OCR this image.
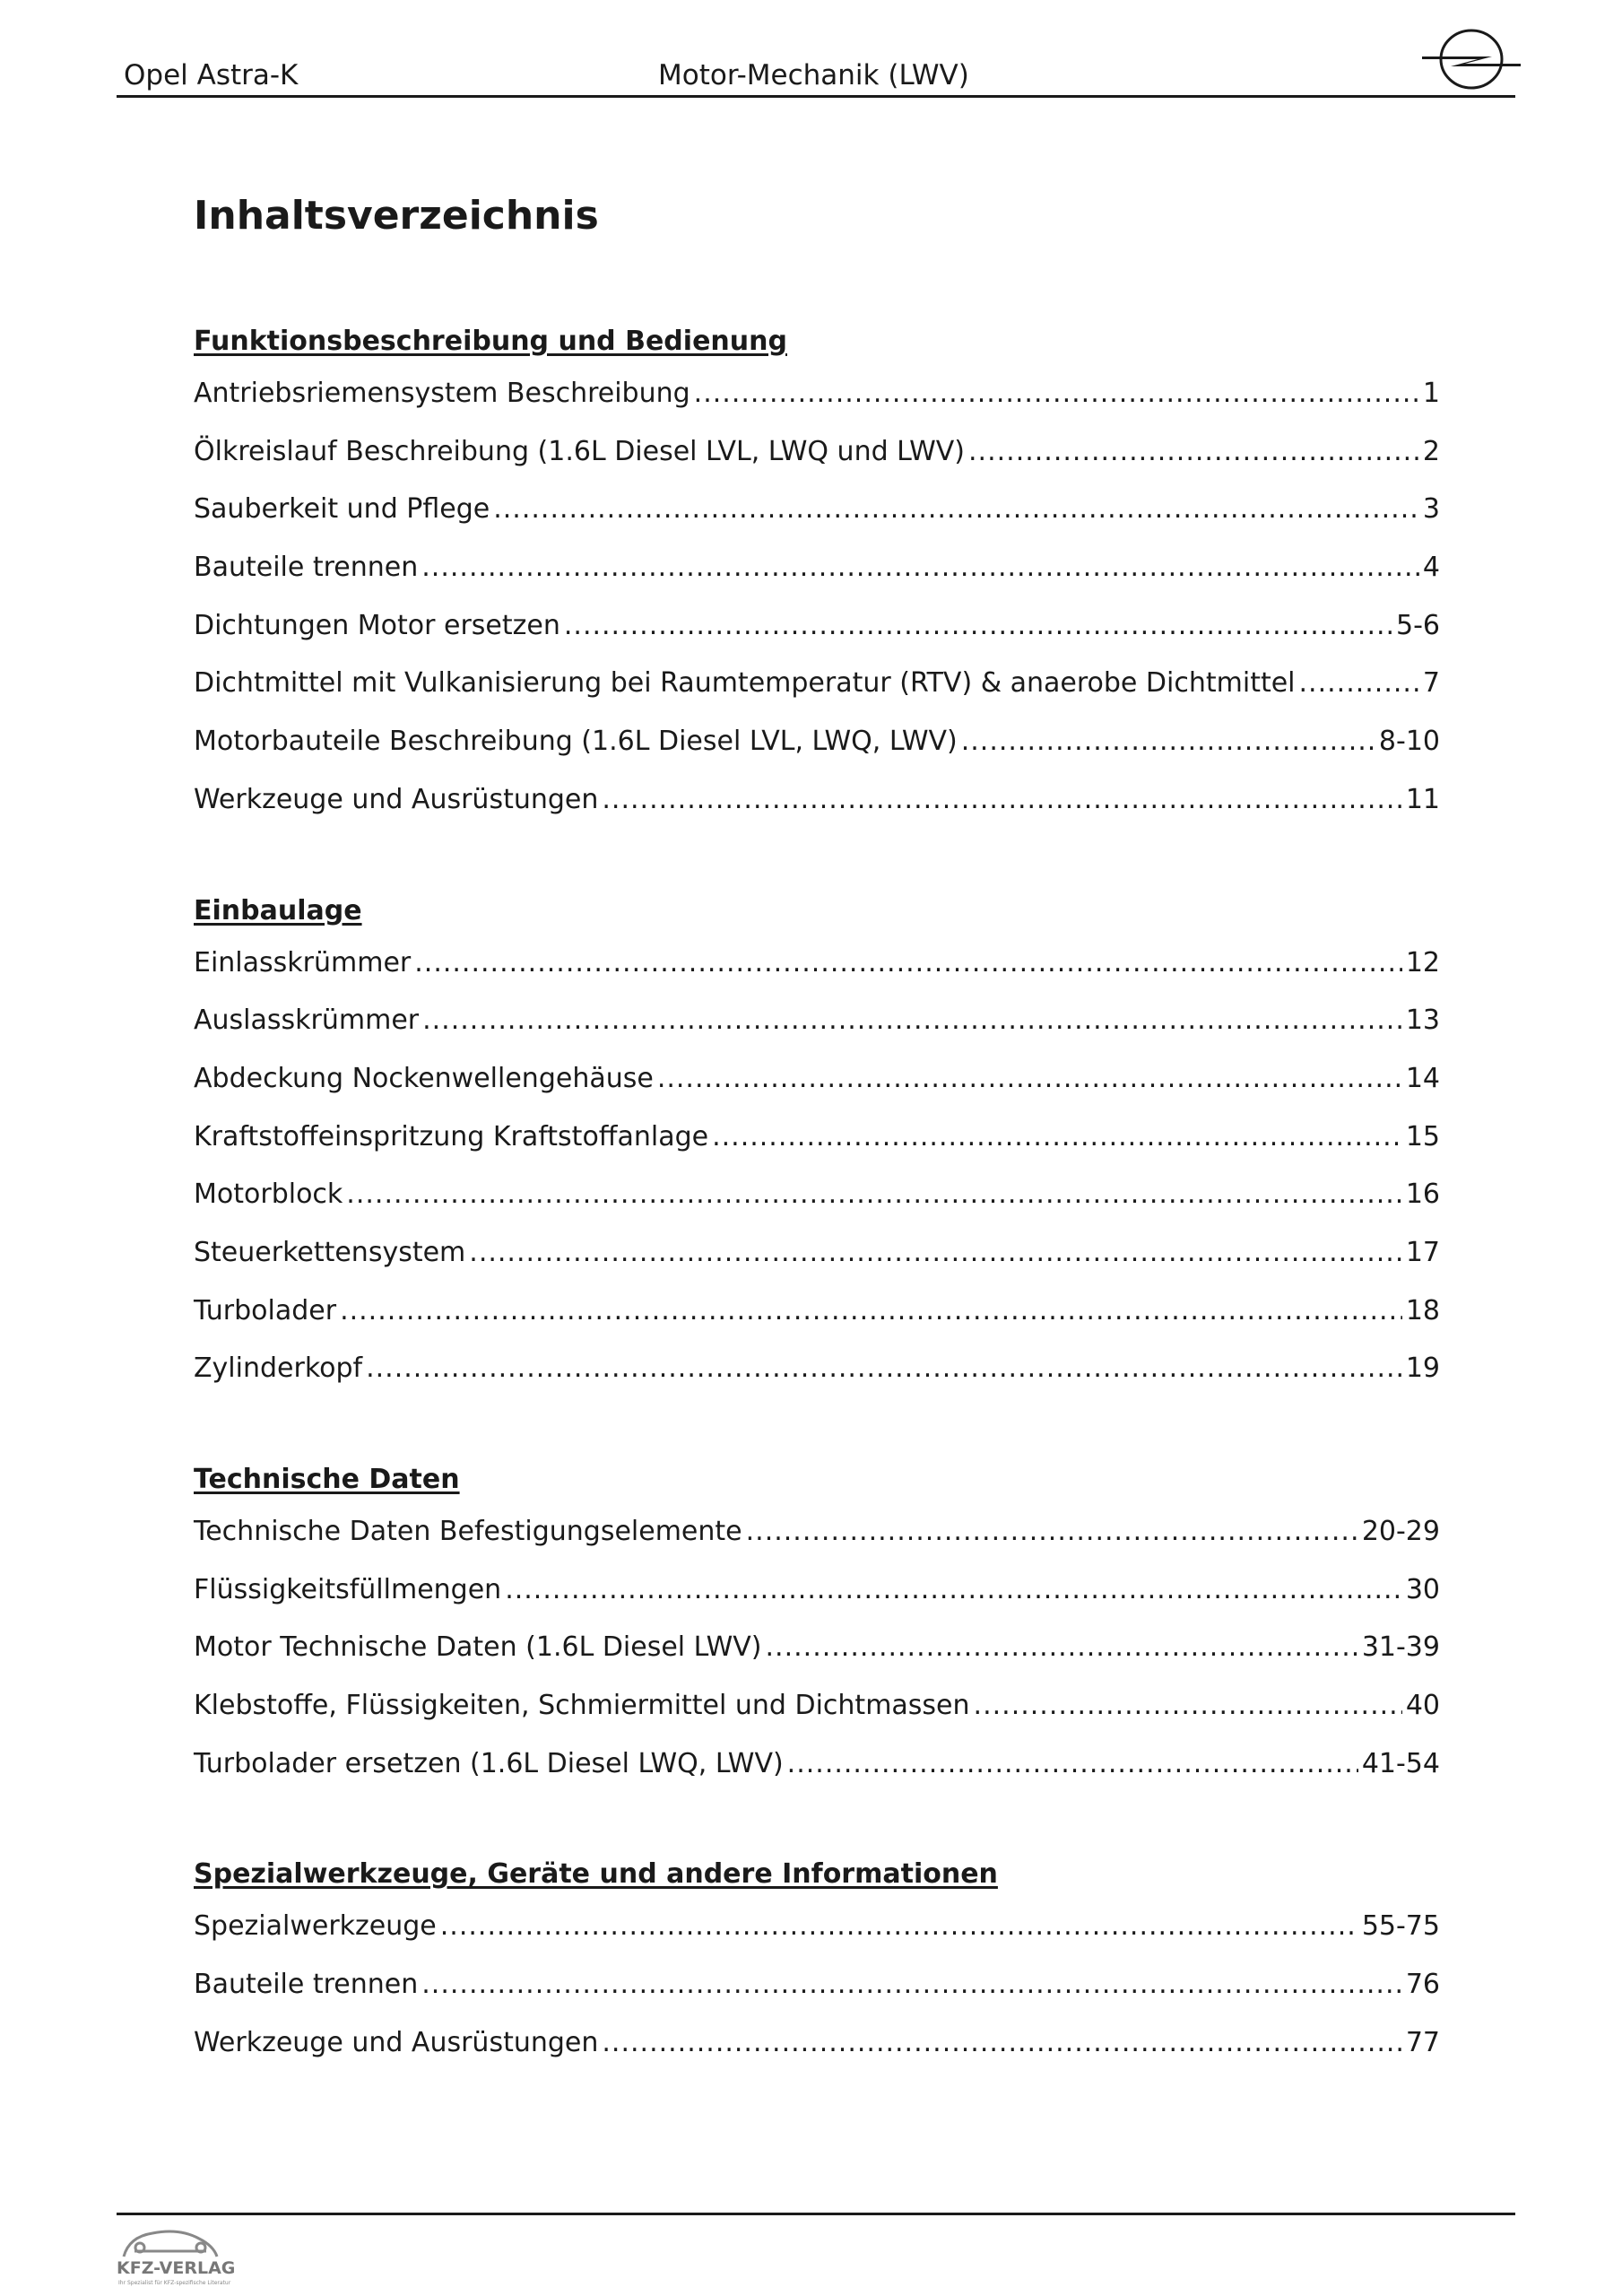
Opel Astra-K	Motor-Mechanik (LWV)
Inhaltsverzeichnis
Funktionsbeschreibung und Bedienung
Antriebsriemensystem Beschreibung .....	1
Ölkreislauf Beschreibung (1.6L Diesel LVL, LWQ und LWV) .....	2
Sauberkeit und Pflege .....	3
Bauteile trennen .....	4
Dichtungen Motor ersetzen .....	5-6
Dichtmittel mit Vulkanisierung bei Raumtemperatur (RTV) & anaerobe Dichtmittel .....	7
Motorbauteile Beschreibung (1.6L Diesel LVL, LWQ, LWV) .....	8-10
Werkzeuge und Ausrüstungen .....	11
Einbaulage
Einlasskrümmer .....	12
Auslasskrümmer .....	13
Abdeckung Nockenwellengehäuse .....	14
Kraftstoffeinspritzung Kraftstoffanlage .....	15
Motorblock .....	16
Steuerkettensystem .....	17
Turbolader .....	18
Zylinderkopf .....	19
Technische Daten
Technische Daten Befestigungselemente .....	20-29
Flüssigkeitsfüllmengen .....	30
Motor Technische Daten (1.6L Diesel LWV) .....	31-39
Klebstoffe, Flüssigkeiten, Schmiermittel und Dichtmassen .....	40
Turbolader ersetzen (1.6L Diesel LWQ, LWV) .....	41-54
Spezialwerkzeuge, Geräte und andere Informationen
Spezialwerkzeuge .....	55-75
Bauteile trennen .....	76
Werkzeuge und Ausrüstungen .....	77
KFZ-VERLAG
Ihr Spezialist für KFZ-spezifische Literatur
